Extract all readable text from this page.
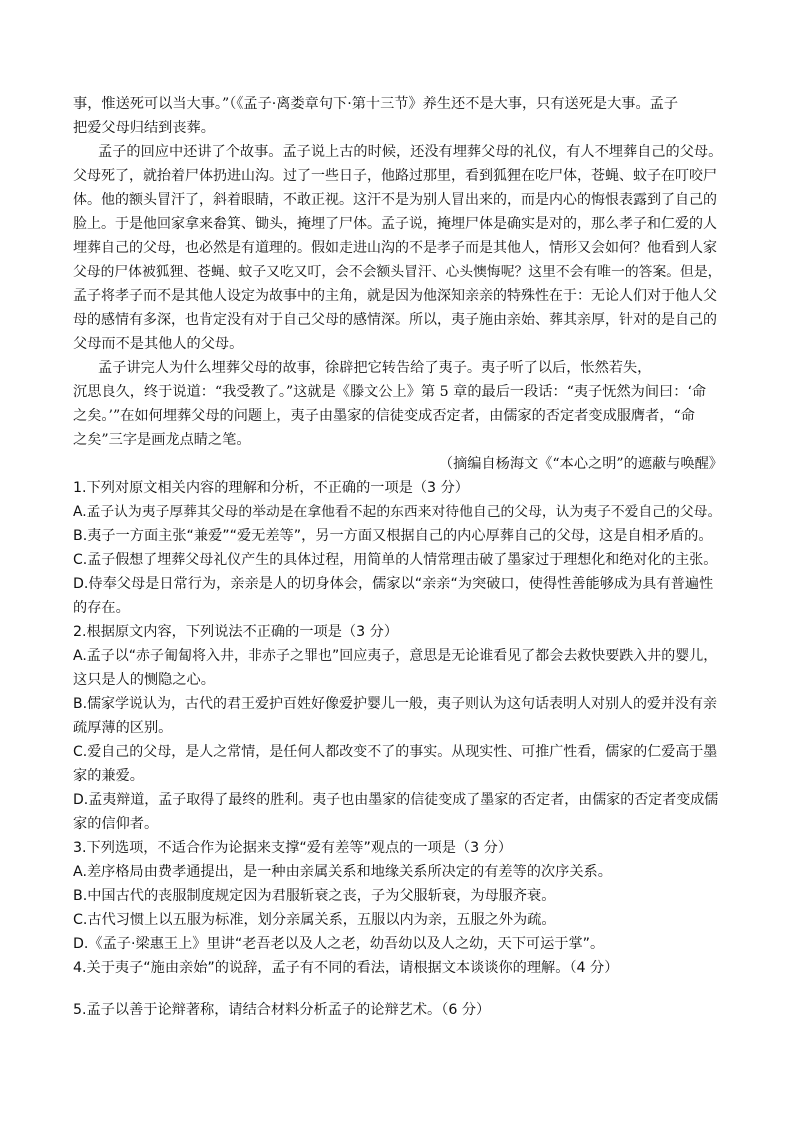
事，惟送死可以当大事。”（《孟子·离娄章句下·第十三节》养生还不是大事，只有送死是大事。孟子
把爱父母归结到丧葬。
孟子的回应中还讲了个故事。孟子说上古的时候，还没有埋葬父母的礼仪，有人不埋葬自己的父母。
父母死了，就抬着尸体扔进山沟。过了一些日子，他路过那里，看到狐狸在吃尸体，苍蝇、蚊子在叮咬尸
体。他的额头冒汗了，斜着眼睛，不敢正视。这汗不是为别人冒出来的，而是内心的悔恨表露到了自己的
脸上。于是他回家拿来畚箕、锄头，掩埋了尸体。孟子说，掩埋尸体是确实是对的，那么孝子和仁爱的人
埋葬自己的父母，也必然是有道理的。假如走进山沟的不是孝子而是其他人，情形又会如何？他看到人家
父母的尸体被狐狸、苍蝇、蚊子又吃又叮，会不会额头冒汗、心头懊悔呢？这里不会有唯一的答案。但是，
孟子将孝子而不是其他人设定为故事中的主角，就是因为他深知亲亲的特殊性在于：无论人们对于他人父
母的感情有多深，也肯定没有对于自己父母的感情深。所以，夷子施由亲始、葬其亲厚，针对的是自己的
父母而不是其他人的父母。
孟子讲完人为什么埋葬父母的故事，徐辟把它转告给了夷子。夷子听了以后，怅然若失，
沉思良久，终于说道：“我受教了。”这就是《滕文公上》第 5 章的最后一段话：“夷子怃然为间曰：‘命
之矣。’”在如何埋葬父母的问题上，夷子由墨家的信徒变成否定者，由儒家的否定者变成服膺者，“命
之矣”三字是画龙点睛之笔。
（摘编自杨海文《“本心之明”的遮蔽与唤醒》
1.下列对原文相关内容的理解和分析，不正确的一项是（3 分）
A.孟子认为夷子厚葬其父母的举动是在拿他看不起的东西来对待他自己的父母，认为夷子不爱自己的父母。
B.夷子一方面主张“兼爱”“爱无差等”，另一方面又根据自己的内心厚葬自己的父母，这是自相矛盾的。
C.孟子假想了埋葬父母礼仪产生的具体过程，用简单的人情常理击破了墨家过于理想化和绝对化的主张。
D.侍奉父母是日常行为，亲亲是人的切身体会，儒家以“亲亲“为突破口，使得性善能够成为具有普遍性
的存在。
2.根据原文内容，下列说法不正确的一项是（3 分）
A.孟子以“赤子匍匐将入井，非赤子之罪也”回应夷子，意思是无论谁看见了都会去救快要跌入井的婴儿，
这只是人的恻隐之心。
B.儒家学说认为，古代的君王爱护百姓好像爱护婴儿一般，夷子则认为这句话表明人对别人的爱并没有亲
疏厚薄的区别。
C.爱自己的父母，是人之常情，是任何人都改变不了的事实。从现实性、可推广性看，儒家的仁爱高于墨
家的兼爱。
D.孟夷辩道，孟子取得了最终的胜利。夷子也由墨家的信徒变成了墨家的否定者，由儒家的否定者变成儒
家的信仰者。
3.下列选项，不适合作为论据来支撑“爱有差等”观点的一项是（3 分）
A.差序格局由费孝通提出，是一种由亲属关系和地缘关系所决定的有差等的次序关系。
B.中国古代的丧服制度规定因为君服斩衰之丧，子为父服斩衰，为母服齐衰。
C.古代习惯上以五服为标准，划分亲属关系，五服以内为亲，五服之外为疏。
D.《孟子·梁惠王上》里讲“老吾老以及人之老，幼吾幼以及人之幼，天下可运于掌”。
4.关于夷子“施由亲始”的说辞，孟子有不同的看法，请根据文本谈谈你的理解。（4 分）
5.孟子以善于论辩著称，请结合材料分析孟子的论辩艺术。（6 分）
